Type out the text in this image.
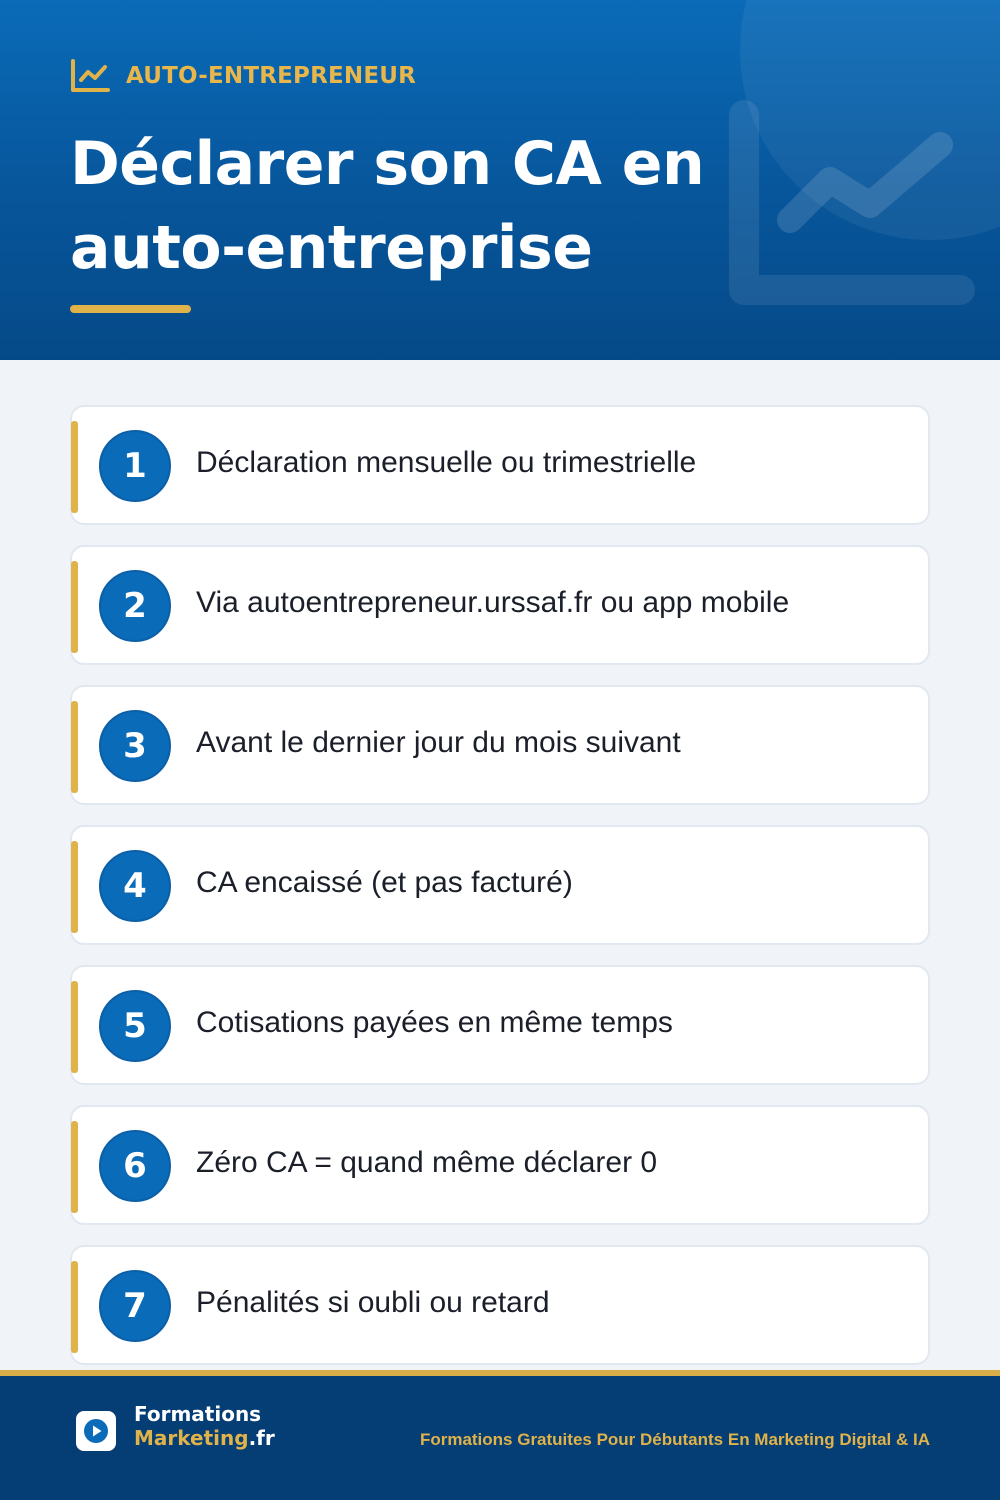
AUTO-ENTREPRENEUR
Déclarer son CA en
auto-entreprise
1	Déclaration mensuelle ou trimestrielle
2	Via autoentrepreneur.urssaf.fr ou app mobile
3	Avant le dernier jour du mois suivant
4	CA encaissé (et pas facturé)
5	Cotisations payées en même temps
6	Zéro CA = quand même déclarer 0
7	Pénalités si oubli ou retard
Formations
Marketing.fr	Formations Gratuites Pour Débutants En Marketing Digital & IA
